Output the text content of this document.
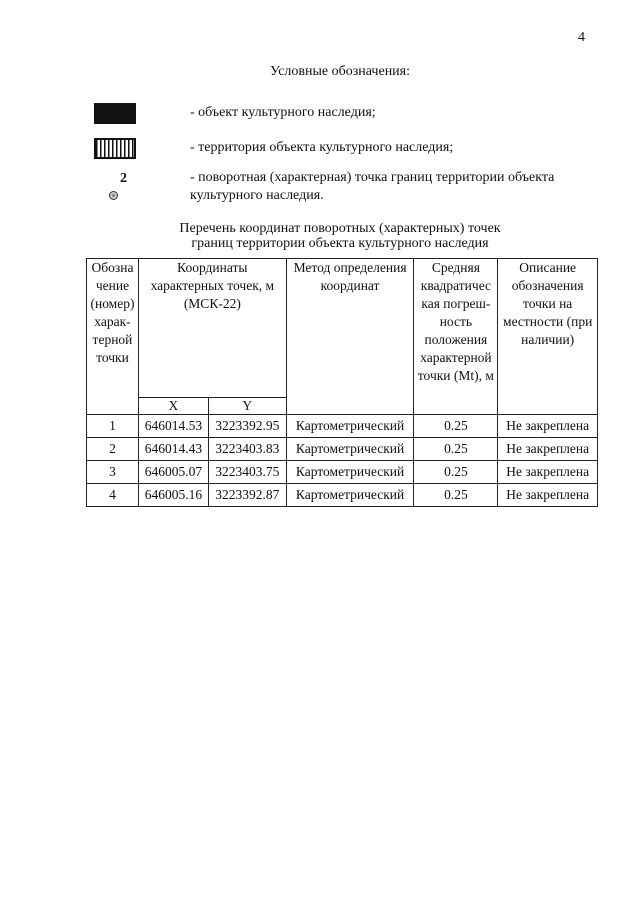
4
Условные обозначения:
- объект культурного наследия;
- территория объекта культурного наследия;
2	- поворотная (характерная) точка границ территории объекта культурного наследия.
Перечень координат поворотных (характерных) точек
границ территории объекта культурного наследия
Обозна чение (номер) харак- терной точки	Координаты характерных точек, м (МСК-22)		Метод определения координат	Средняя квадратичес кая погреш- ность положения характерной точки (Mt), м	Описание обозначения точки на местности (при наличии)
	X	Y			
1	646014.53	3223392.95	Картометрический	0.25	Не закреплена
2	646014.43	3223403.83	Картометрический	0.25	Не закреплена
3	646005.07	3223403.75	Картометрический	0.25	Не закреплена
4	646005.16	3223392.87	Картометрический	0.25	Не закреплена
